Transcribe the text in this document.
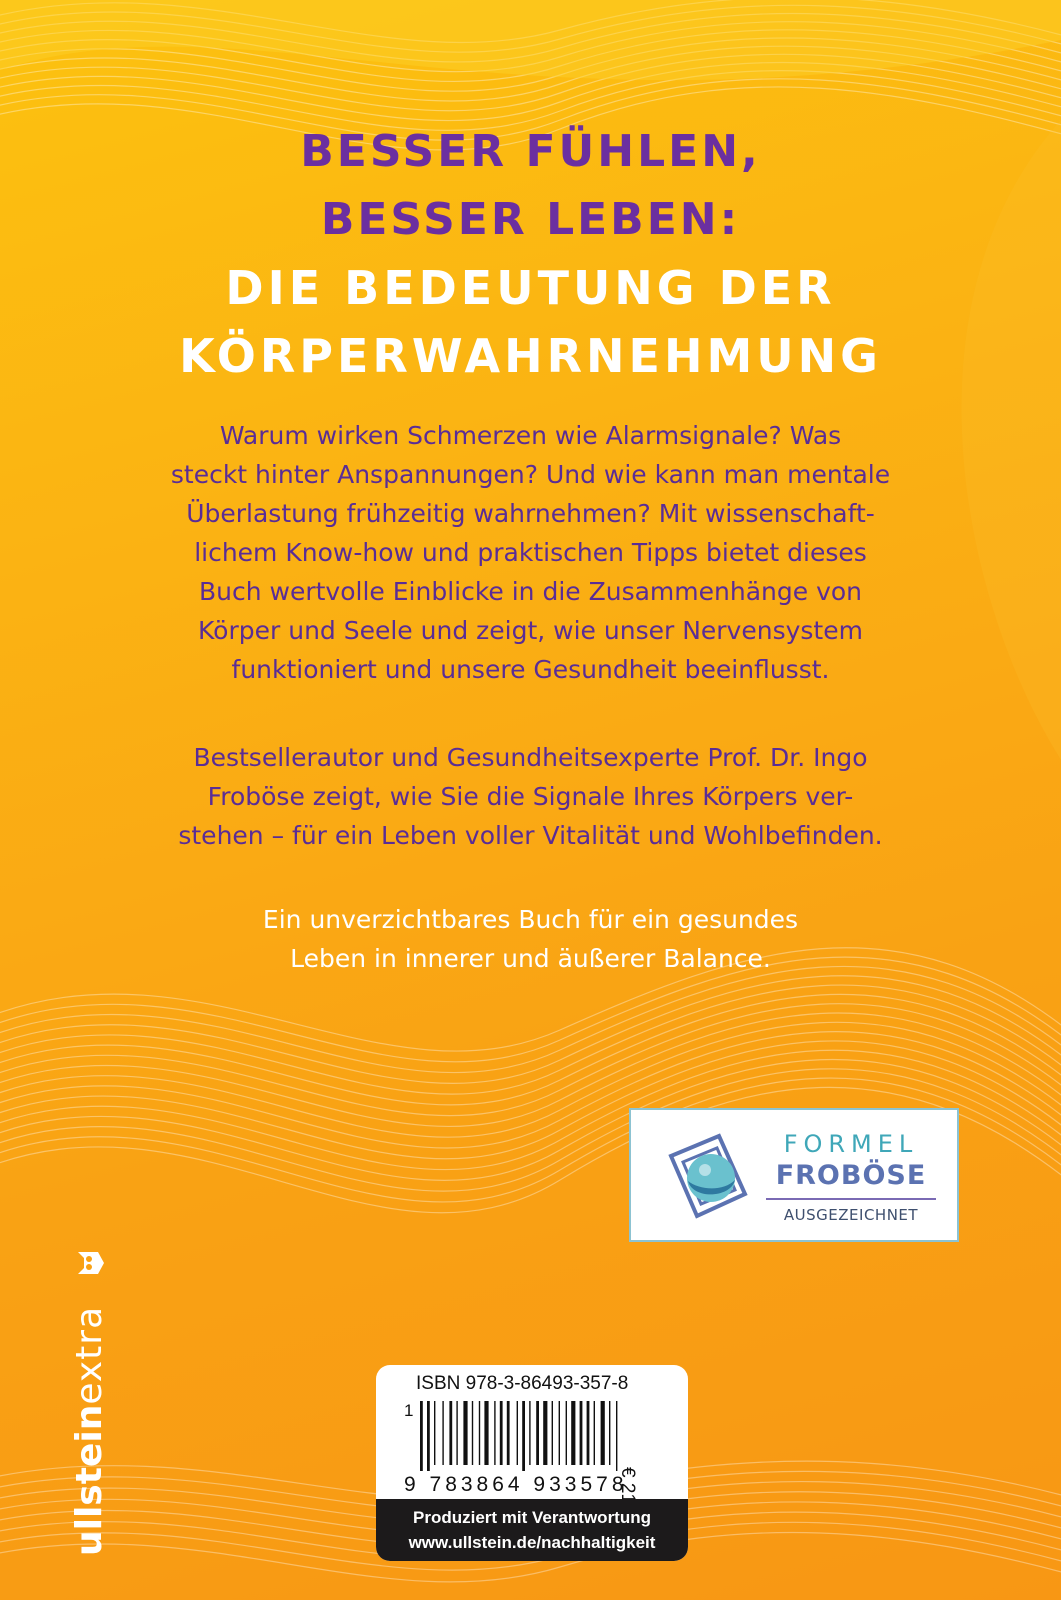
BESSER FÜHLEN,
BESSER LEBEN:
DIE BEDEUTUNG DER
KÖRPERWAHRNEHMUNG
Warum wirken Schmerzen wie Alarmsignale? Was
steckt hinter Anspannungen? Und wie kann man mentale
Überlastung frühzeitig wahrnehmen? Mit wissenschaft-
lichem Know-how und praktischen Tipps bietet dieses
Buch wertvolle Einblicke in die Zusammenhänge von
Körper und Seele und zeigt, wie unser Nervensystem
funktioniert und unsere Gesundheit beeinflusst.
Bestsellerautor und Gesundheitsexperte Prof. Dr. Ingo
Froböse zeigt, wie Sie die Signale Ihres Körpers ver-
stehen – für ein Leben voller Vitalität und Wohlbefinden.
Ein unverzichtbares Buch für ein gesundes
Leben in innerer und äußerer Balance.
FORMEL
FROBÖSE
AUSGEZEICHNET
ullsteinextra	ISBN 978-3-86493-357-8
1
9 783864 933578
Produziert mit Verantwortung
www.ullstein.de/nachhaltigkeit
